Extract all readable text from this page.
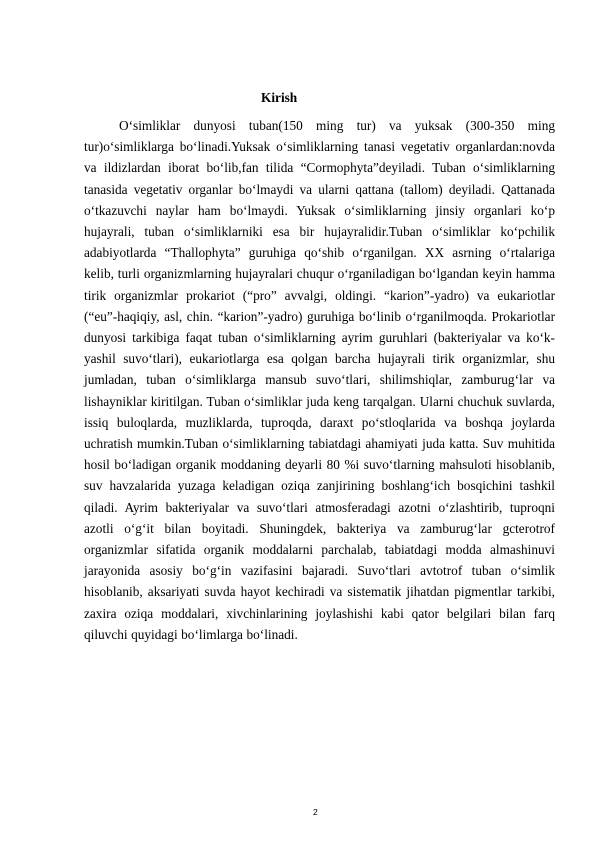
Kirish

O‘simliklar dunyosi tuban(150 ming tur) va yuksak (300-350 ming tur)o‘simliklarga bo‘linadi.Yuksak o‘simliklarning tanasi vegetativ organlardan:novda va ildizlardan iborat bo‘lib,fan tilida “Cormophyta”deyiladi. Tuban o‘simliklarning tanasida vegetativ organlar bo‘lmaydi va ularni qattana (tallom) deyiladi. Qattanada o‘tkazuvchi naylar ham bo‘lmaydi. Yuksak o‘simliklarning jinsiy organlari ko‘p hujayrali, tuban o‘simliklarniki esa bir hujayralidir.Tuban o‘simliklar ko‘pchilik adabiyotlarda “Thallophyta” guruhiga qo‘shib o‘rganilgan. XX asrning o‘rtalariga kelib, turli organizmlarning hujayralari chuqur o‘rganiladigan bo‘lgandan keyin hamma tirik organizmlar prokariot (“pro” avvalgi, oldingi. “karion”-yadro) va eukariotlar (“eu”-haqiqiy, asl, chin. “karion”-yadro) guruhiga bo‘linib o‘rganilmoqda. Prokariotlar dunyosi tarkibiga faqat tuban o‘simliklarning ayrim guruhlari (bakteriyalar va ko‘k-yashil suvo‘tlari), eukariotlarga esa qolgan barcha hujayrali tirik organizmlar, shu jumladan, tuban o‘simliklarga mansub suvo‘tlari, shilimshiqlar, zamburug‘lar va lishayniklar kiritilgan. Tuban o‘simliklar juda keng tarqalgan. Ularni chuchuk suvlarda, issiq buloqlarda, muzliklarda, tuproqda, daraxt po‘stloqlarida va boshqa joylarda uchratish mumkin.Tuban o‘simliklarning tabiatdagi ahamiyati juda katta. Suv muhitida hosil bo‘ladigan organik moddaning deyarli 80 %i suvo‘tlarning mahsuloti hisoblanib, suv havzalarida yuzaga keladigan oziqa zanjirining boshlang‘ich bosqichini tashkil qiladi. Ayrim bakteriyalar va suvo‘tlari atmosferadagi azotni o‘zlashtirib, tuproqni azotli o‘g‘it bilan boyitadi. Shuningdek, bakteriya va zamburug‘lar gcterotrof organizmlar sifatida organik moddalarni parchalab, tabiatdagi modda almashinuvi jarayonida asosiy bo‘g‘in vazifasini bajaradi. Suvo‘tlari avtotrof tuban o‘simlik hisoblanib, aksariyati suvda hayot kechiradi va sistematik jihatdan pigmentlar tarkibi, zaxira oziqa moddalari, xivchinlarining joylashishi kabi qator belgilari bilan farq qiluvchi quyidagi bo‘limlarga bo‘linadi.

2
